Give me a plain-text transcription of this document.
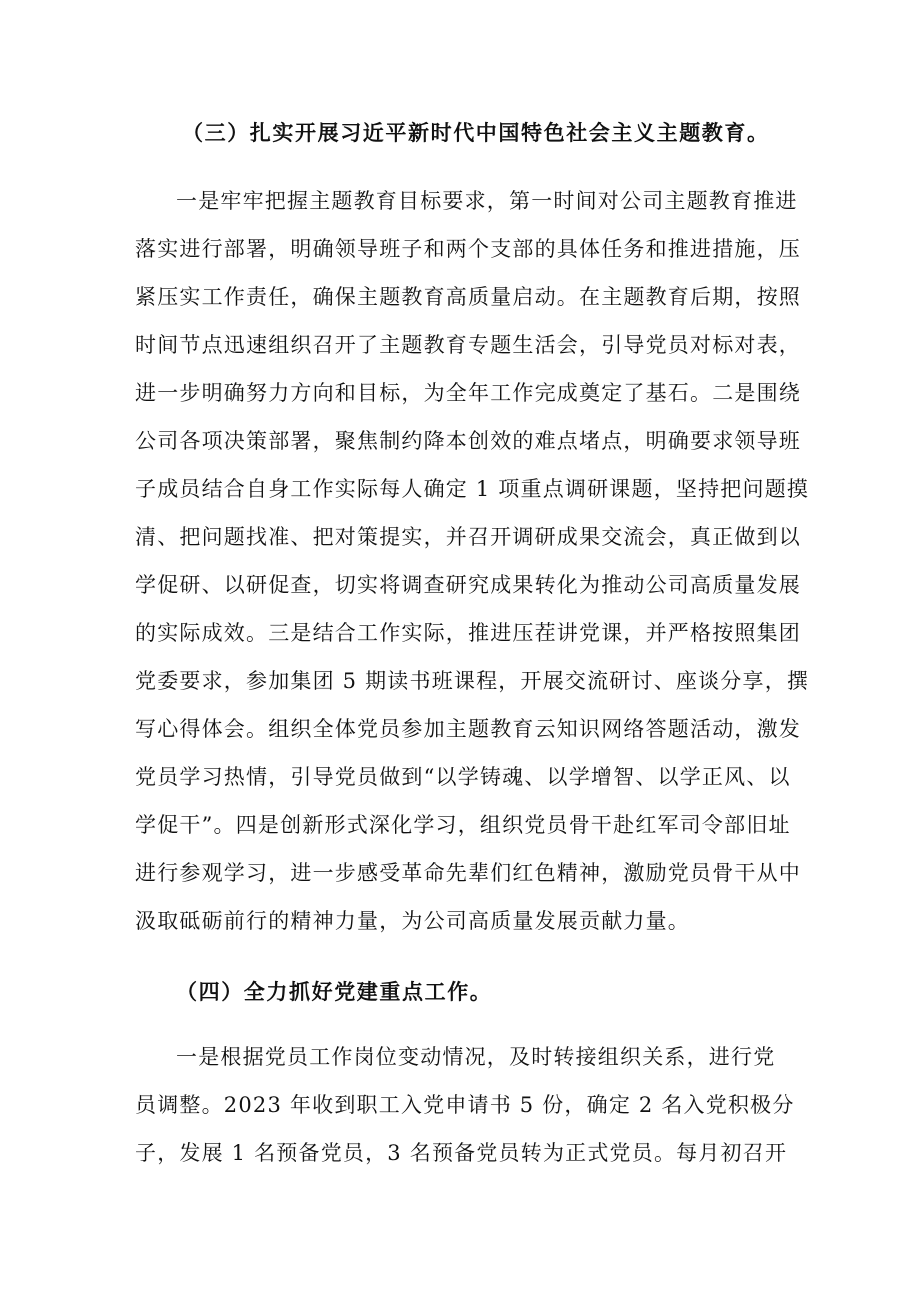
（三）扎实开展习近平新时代中国特色社会主义主题教育。
一是牢牢把握主题教育目标要求，第一时间对公司主题教育推进
落实进行部署，明确领导班子和两个支部的具体任务和推进措施，压
紧压实工作责任，确保主题教育高质量启动。在主题教育后期，按照
时间节点迅速组织召开了主题教育专题生活会，引导党员对标对表，
进一步明确努力方向和目标，为全年工作完成奠定了基石。二是围绕
公司各项决策部署，聚焦制约降本创效的难点堵点，明确要求领导班
子成员结合自身工作实际每人确定 1 项重点调研课题，坚持把问题摸
清、把问题找准、把对策提实，并召开调研成果交流会，真正做到以
学促研、以研促查，切实将调查研究成果转化为推动公司高质量发展
的实际成效。三是结合工作实际，推进压茬讲党课，并严格按照集团
党委要求，参加集团 5 期读书班课程，开展交流研讨、座谈分享，撰
写心得体会。组织全体党员参加主题教育云知识网络答题活动，激发
党员学习热情，引导党员做到“以学铸魂、以学增智、以学正风、以
学促干”。四是创新形式深化学习，组织党员骨干赴红军司令部旧址
进行参观学习，进一步感受革命先辈们红色精神，激励党员骨干从中
汲取砥砺前行的精神力量，为公司高质量发展贡献力量。
（四）全力抓好党建重点工作。
一是根据党员工作岗位变动情况，及时转接组织关系，进行党
员调整。2023 年收到职工入党申请书 5 份，确定 2 名入党积极分
子，发展 1 名预备党员，3 名预备党员转为正式党员。每月初召开
